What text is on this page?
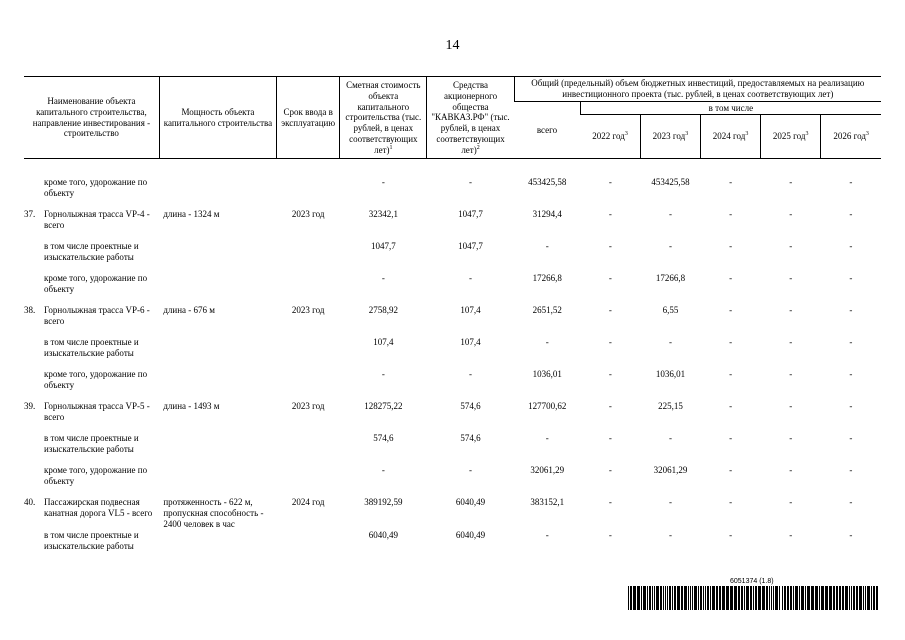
14
Наименование объекта капитального строительства, направление инвестирования - строительство	Мощность объекта капитального строительства	Срок ввода в эксплуатацию	Сметная стоимость объекта капитального строительства (тыс. рублей, в ценах соответствующих лет)$^1$	Средства акционерного общества "КАВКАЗ.РФ" (тыс. рублей, в ценах соответствующих лет)$^2$	Общий (предельный) объем бюджетных инвестиций, предоставляемых на реализацию инвестиционного проекта (тыс. рублей, в ценах соответствующих лет)					
					всего	в том числе				
						2022 год$^3$	2023 год$^3$	2024 год$^3$	2025 год$^3$	2026 год$^3$

кроме того, удорожание по объекту			-	-	453425,58	-	453425,58	-	-	-

37. Горнолыжная трасса VP-4 - всего	длина - 1324 м	2023 год	32342,1	1047,7	31294,4	-	-	-	-	-

в том числе проектные и изыскательские работы			1047,7	1047,7	-	-	-	-	-	-

кроме того, удорожание по объекту			-	-	17266,8	-	17266,8	-	-	-

38. Горнолыжная трасса VP-6 - всего	длина - 676 м	2023 год	2758,92	107,4	2651,52	-	6,55	-	-	-

в том числе проектные и изыскательские работы			107,4	107,4	-	-	-	-	-	-

кроме того, удорожание по объекту			-	-	1036,01	-	1036,01	-	-	-

39. Горнолыжная трасса VP-5 - всего	длина - 1493 м	2023 год	128275,22	574,6	127700,62	-	225,15	-	-	-

в том числе проектные и изыскательские работы			574,6	574,6	-	-	-	-	-	-

кроме того, удорожание по объекту			-	-	32061,29	-	32061,29	-	-	-

40. Пассажирская подвесная канатная дорога VL5 - всего	протяженность - 622 м, пропускная способность - 2400 человек в час	2024 год	389192,59	6040,49	383152,1	-	-	-	-	-

в том числе проектные и изыскательские работы			6040,49	6040,49	-	-	-	-	-	-
6051374 (1.8)
